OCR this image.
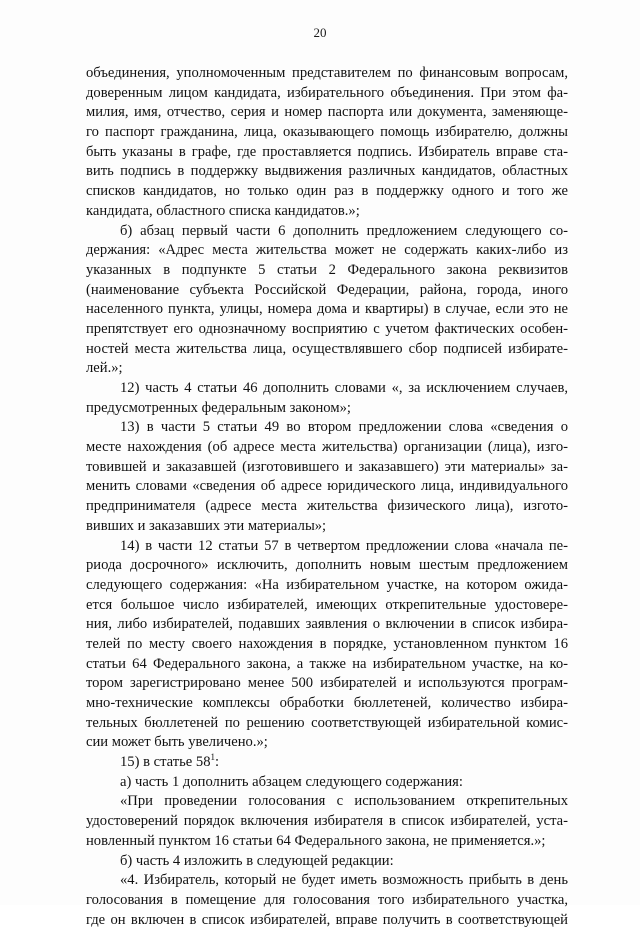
20
объединения, уполномоченным представителем по финансовым вопросам,
доверенным лицом кандидата, избирательного объединения. При этом фа-
милия, имя, отчество, серия и номер паспорта или документа, заменяюще-
го паспорт гражданина, лица, оказывающего помощь избирателю, должны
быть указаны в графе, где проставляется подпись. Избиратель вправе ста-
вить подпись в поддержку выдвижения различных кандидатов, областных
списков кандидатов, но только один раз в поддержку одного и того же
кандидата, областного списка кандидатов.»;
б) абзац первый части 6 дополнить предложением следующего со-
держания: «Адрес места жительства может не содержать каких-либо из
указанных в подпункте 5 статьи 2 Федерального закона реквизитов
(наименование субъекта Российской Федерации, района, города, иного
населенного пункта, улицы, номера дома и квартиры) в случае, если это не
препятствует его однозначному восприятию с учетом фактических особен-
ностей места жительства лица, осуществлявшего сбор подписей избирате-
лей.»;
12) часть 4 статьи 46 дополнить словами «, за исключением случаев,
предусмотренных федеральным законом»;
13) в части 5 статьи 49 во втором предложении слова «сведения о
месте нахождения (об адресе места жительства) организации (лица), изго-
товившей и заказавшей (изготовившего и заказавшего) эти материалы» за-
менить словами «сведения об адресе юридического лица, индивидуального
предпринимателя (адресе места жительства физического лица), изгото-
вивших и заказавших эти материалы»;
14) в части 12 статьи 57 в четвертом предложении слова «начала пе-
риода досрочного» исключить, дополнить новым шестым предложением
следующего содержания: «На избирательном участке, на котором ожида-
ется большое число избирателей, имеющих открепительные удостовере-
ния, либо избирателей, подавших заявления о включении в список избира-
телей по месту своего нахождения в порядке, установленном пунктом 16
статьи 64 Федерального закона, а также на избирательном участке, на ко-
тором зарегистрировано менее 500 избирателей и используются програм-
мно-технические комплексы обработки бюллетеней, количество избира-
тельных бюллетеней по решению соответствующей избирательной комис-
сии может быть увеличено.»;
15) в статье $58^1$:
а) часть 1 дополнить абзацем следующего содержания:
«При проведении голосования с использованием открепительных
удостоверений порядок включения избирателя в список избирателей, уста-
новленный пунктом 16 статьи 64 Федерального закона, не применяется.»;
б) часть 4 изложить в следующей редакции:
«4. Избиратель, который не будет иметь возможность прибыть в день
голосования в помещение для голосования того избирательного участка,
где он включен в список избирателей, вправе получить в соответствующей
